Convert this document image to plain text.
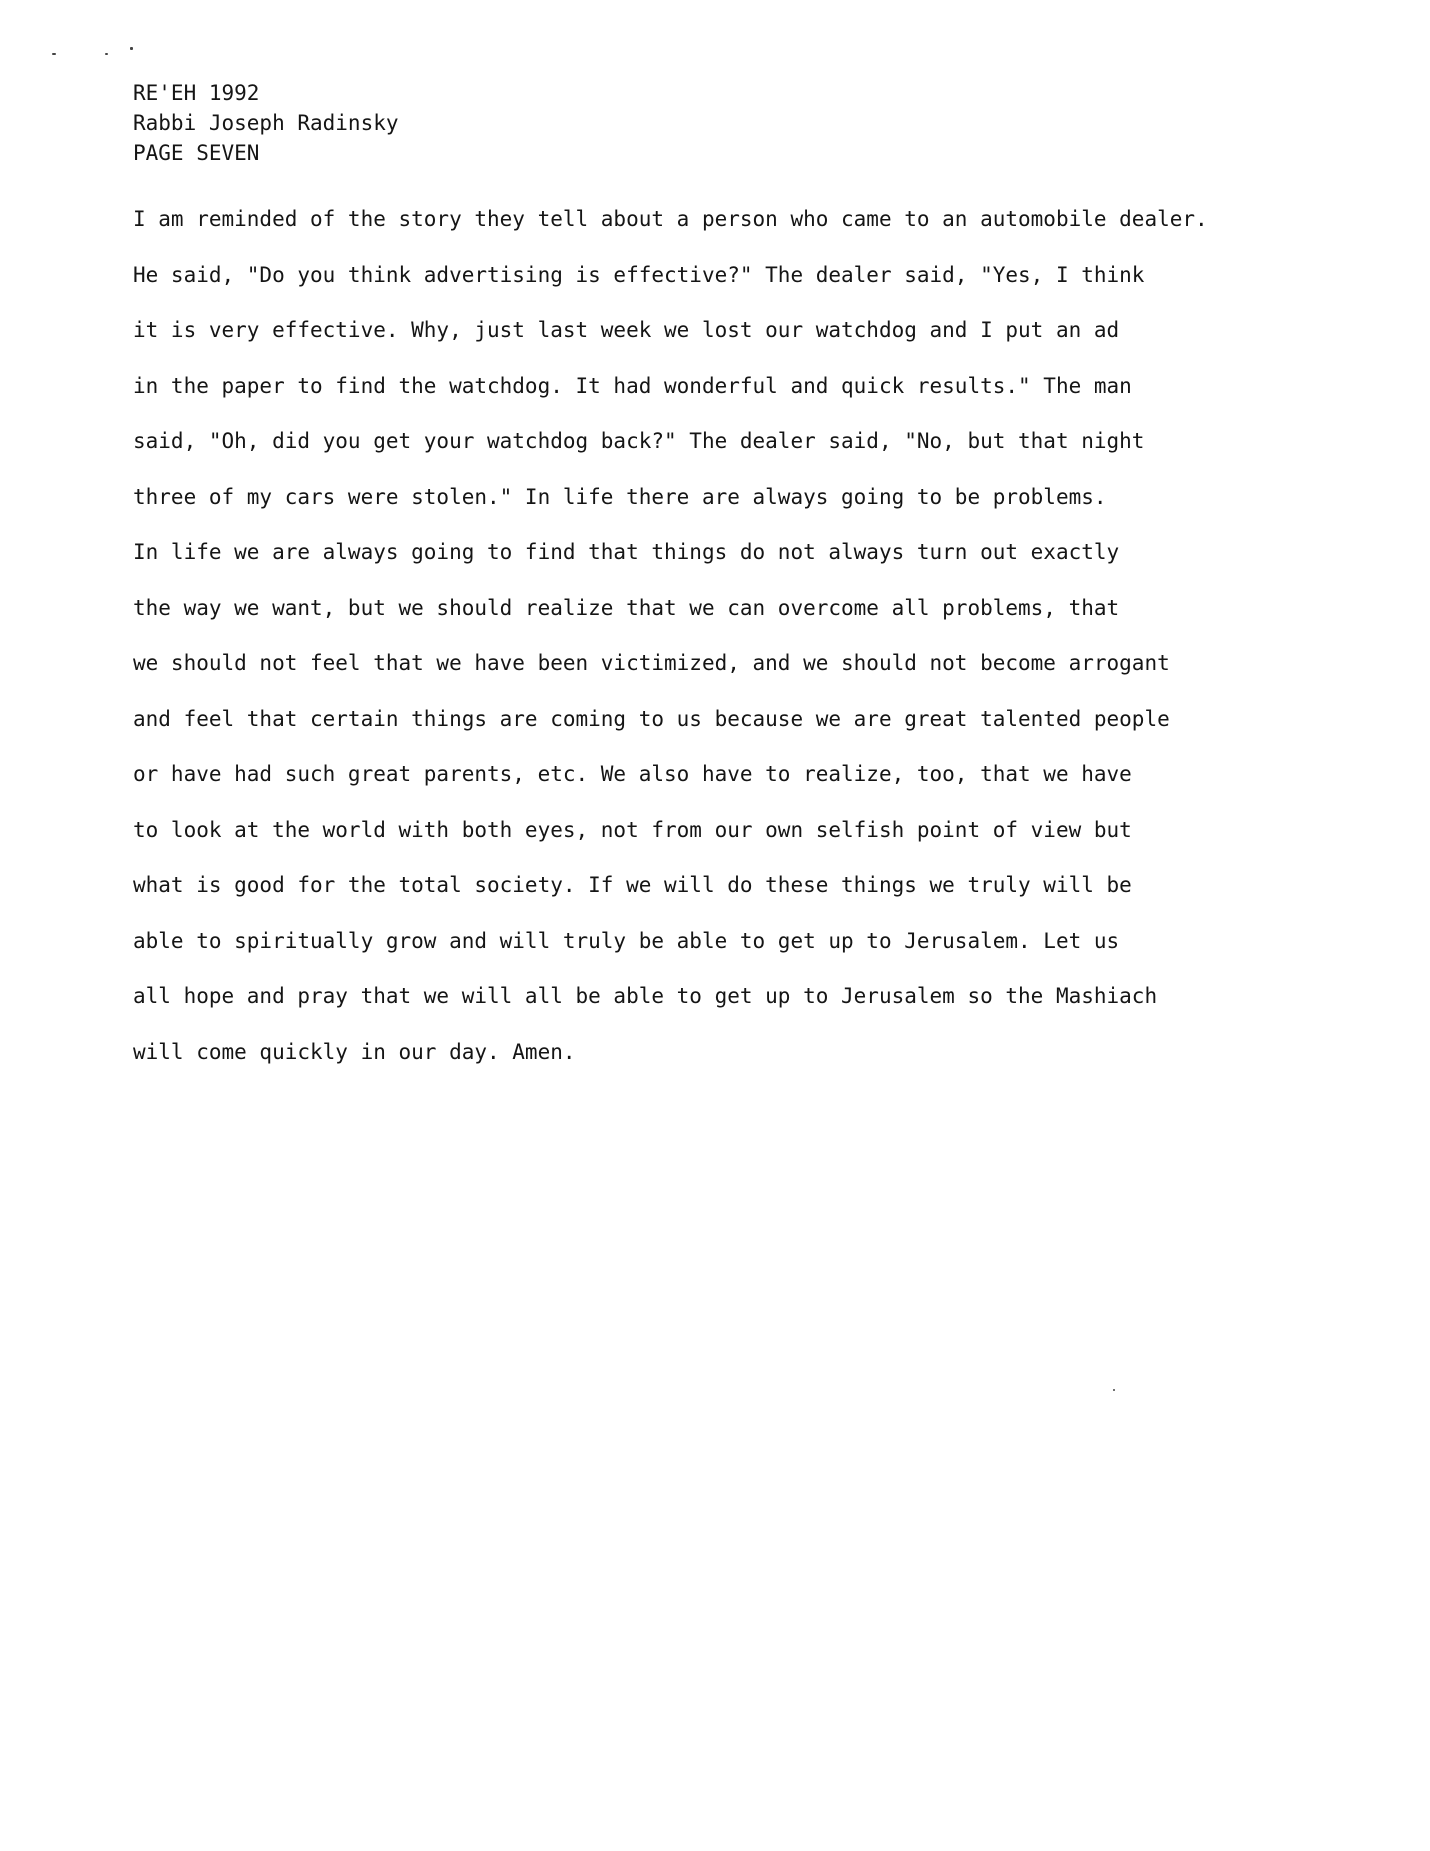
RE'EH 1992
Rabbi Joseph Radinsky
PAGE SEVEN
I am reminded of the story they tell about a person who came to an automobile dealer.
He said, "Do you think advertising is effective?" The dealer said, "Yes, I think
it is very effective. Why, just last week we lost our watchdog and I put an ad
in the paper to find the watchdog. It had wonderful and quick results." The man
said, "Oh, did you get your watchdog back?" The dealer said, "No, but that night
three of my cars were stolen." In life there are always going to be problems.
In life we are always going to find that things do not always turn out exactly
the way we want, but we should realize that we can overcome all problems, that
we should not feel that we have been victimized, and we should not become arrogant
and feel that certain things are coming to us because we are great talented people
or have had such great parents, etc. We also have to realize, too, that we have
to look at the world with both eyes, not from our own selfish point of view but
what is good for the total society. If we will do these things we truly will be
able to spiritually grow and will truly be able to get up to Jerusalem. Let us
all hope and pray that we will all be able to get up to Jerusalem so the Mashiach
will come quickly in our day. Amen.
